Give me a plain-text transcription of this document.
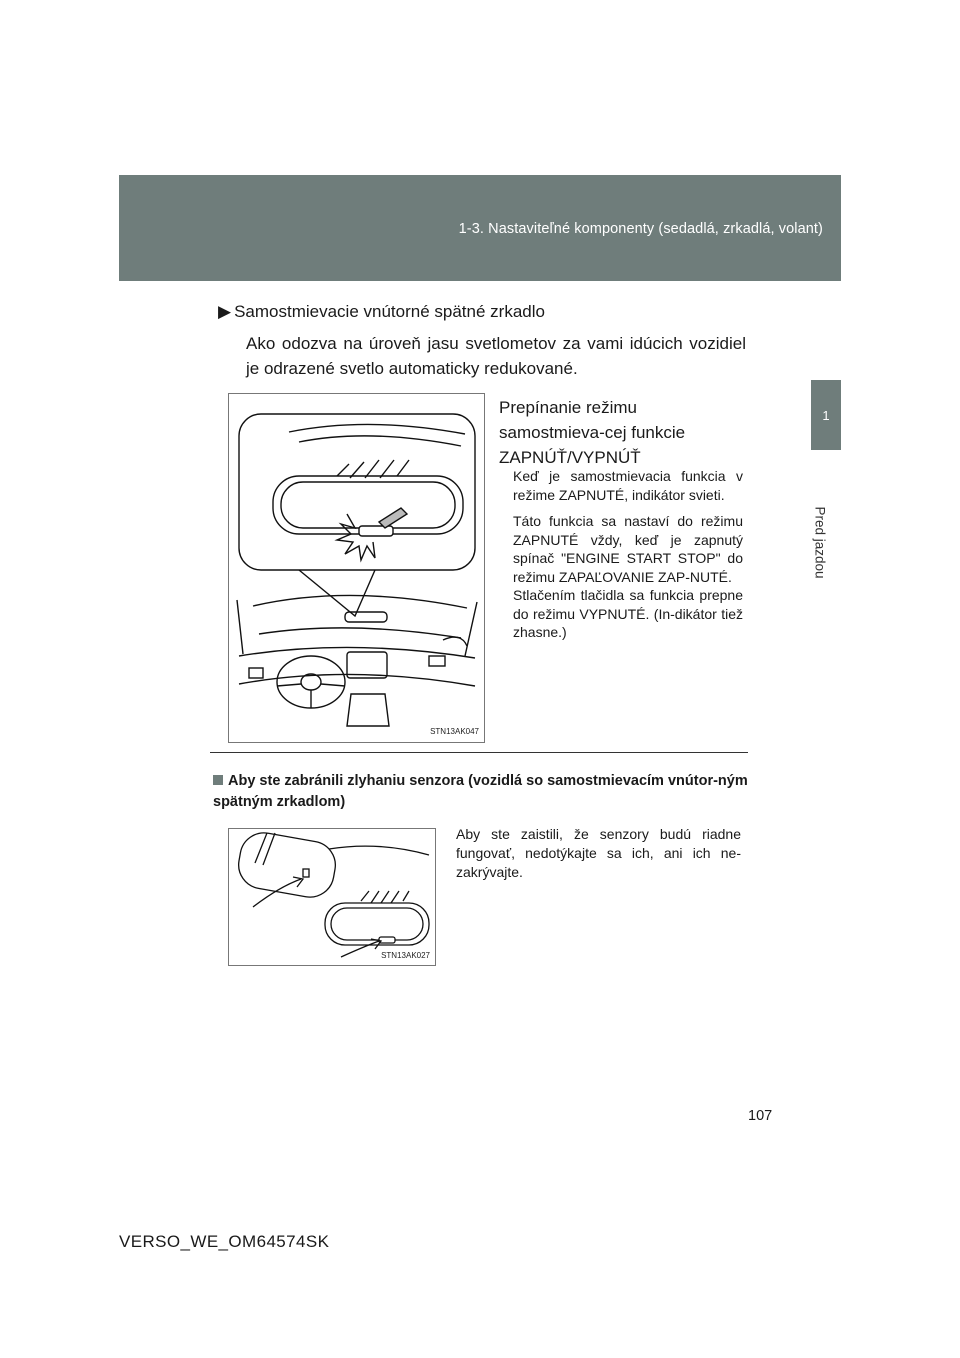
1-3. Nastaviteľné komponenty (sedadlá, zrkadlá, volant)
1
Pred jazdou
▶ Samostmievacie vnútorné spätné zrkadlo
Ako odozva na úroveň jasu svetlometov za vami idúcich vozidiel je odrazené svetlo automaticky redukované.
STN13AK047
Prepínanie režimu samostmieva-cej funkcie ZAPNÚŤ/VYPNÚŤ

Keď je samostmievacia funkcia v režime ZAPNUTÉ, indikátor svieti.

Táto funkcia sa nastaví do režimu ZAPNUTÉ vždy, keď je zapnutý spínač "ENGINE START STOP" do režimu ZAPAĽOVANIE ZAP-NUTÉ.

Stlačením tlačidla sa funkcia prepne do režimu VYPNUTÉ. (In-dikátor tiež zhasne.)

Aby ste zabránili zlyhaniu senzora (vozidlá so samostmievacím vnútor-ným spätným zrkadlom)
STN13AK027
Aby ste zaistili, že senzory budú riadne fungovať, nedotýkajte sa ich, ani ich ne-zakrývajte.
107
VERSO_WE_OM64574SK
